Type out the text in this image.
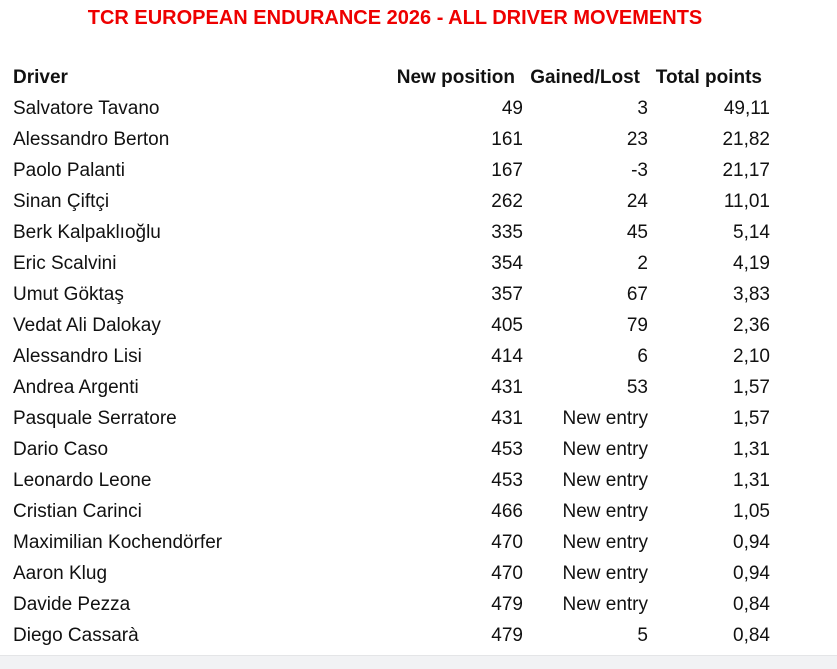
TCR EUROPEAN ENDURANCE 2026 - ALL DRIVER MOVEMENTS
Driver	New position	Gained/Lost	Total points
Salvatore Tavano	49	3	49,11
Alessandro Berton	161	23	21,82
Paolo Palanti	167	-3	21,17
Sinan Çiftçi	262	24	11,01
Berk Kalpaklıoğlu	335	45	5,14
Eric Scalvini	354	2	4,19
Umut Göktaş	357	67	3,83
Vedat Ali Dalokay	405	79	2,36
Alessandro Lisi	414	6	2,10
Andrea Argenti	431	53	1,57
Pasquale Serratore	431	New entry	1,57
Dario Caso	453	New entry	1,31
Leonardo Leone	453	New entry	1,31
Cristian Carinci	466	New entry	1,05
Maximilian Kochendörfer	470	New entry	0,94
Aaron Klug	470	New entry	0,94
Davide Pezza	479	New entry	0,84
Diego Cassarà	479	5	0,84
